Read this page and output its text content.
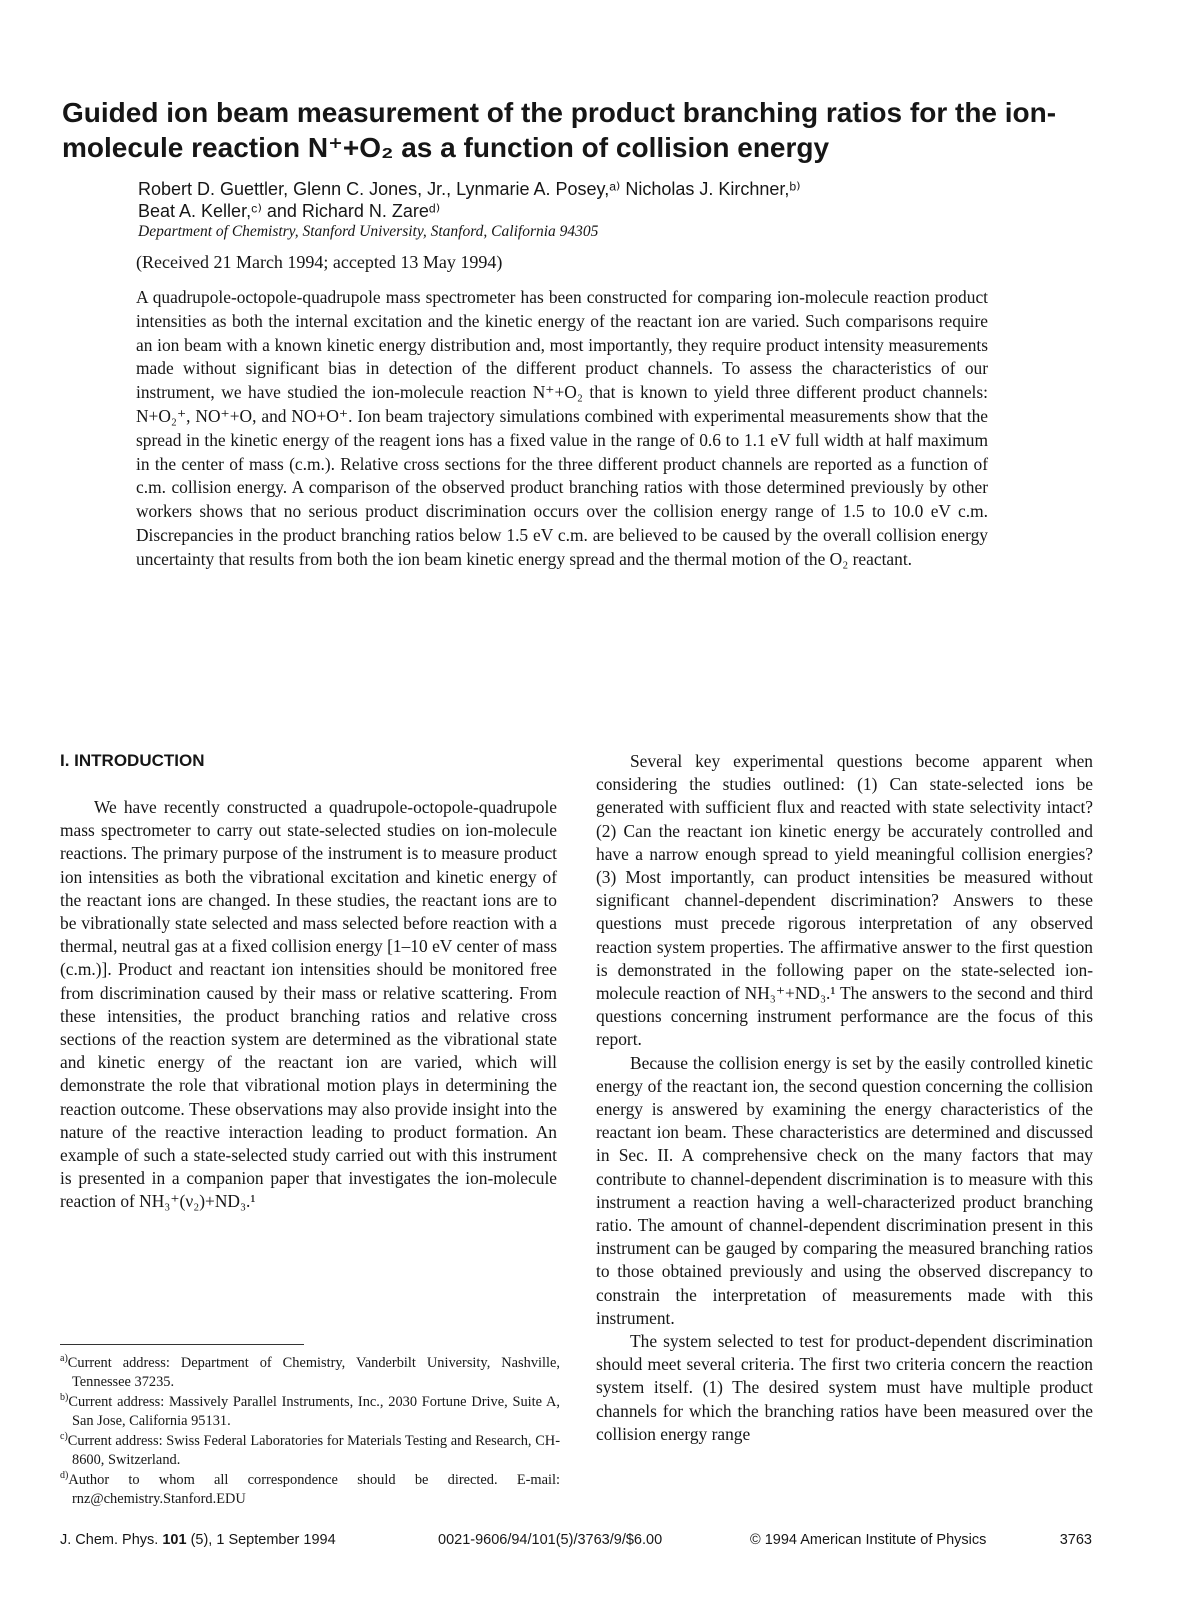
Guided ion beam measurement of the product branching ratios for the ion-molecule reaction N⁺+O₂ as a function of collision energy
Robert D. Guettler, Glenn C. Jones, Jr., Lynmarie A. Posey,ᵃ⁾ Nicholas J. Kirchner,ᵇ⁾
Beat A. Keller,ᶜ⁾ and Richard N. Zareᵈ⁾
Department of Chemistry, Stanford University, Stanford, California 94305
(Received 21 March 1994; accepted 13 May 1994)

A quadrupole-octopole-quadrupole mass spectrometer has been constructed for comparing ion-molecule reaction product intensities as both the internal excitation and the kinetic energy of the reactant ion are varied. Such comparisons require an ion beam with a known kinetic energy distribution and, most importantly, they require product intensity measurements made without significant bias in detection of the different product channels. To assess the characteristics of our instrument, we have studied the ion-molecule reaction N⁺+O₂ that is known to yield three different product channels: N+O₂⁺, NO⁺+O, and NO+O⁺. Ion beam trajectory simulations combined with experimental measurements show that the spread in the kinetic energy of the reagent ions has a fixed value in the range of 0.6 to 1.1 eV full width at half maximum in the center of mass (c.m.). Relative cross sections for the three different product channels are reported as a function of c.m. collision energy. A comparison of the observed product branching ratios with those determined previously by other workers shows that no serious product discrimination occurs over the collision energy range of 1.5 to 10.0 eV c.m. Discrepancies in the product branching ratios below 1.5 eV c.m. are believed to be caused by the overall collision energy uncertainty that results from both the ion beam kinetic energy spread and the thermal motion of the O₂ reactant.

I. INTRODUCTION

We have recently constructed a quadrupole-octopole-quadrupole mass spectrometer to carry out state-selected studies on ion-molecule reactions. The primary purpose of the instrument is to measure product ion intensities as both the vibrational excitation and kinetic energy of the reactant ions are changed. In these studies, the reactant ions are to be vibrationally state selected and mass selected before reaction with a thermal, neutral gas at a fixed collision energy [1–10 eV center of mass (c.m.)]. Product and reactant ion intensities should be monitored free from discrimination caused by their mass or relative scattering. From these intensities, the product branching ratios and relative cross sections of the reaction system are determined as the vibrational state and kinetic energy of the reactant ion are varied, which will demonstrate the role that vibrational motion plays in determining the reaction outcome. These observations may also provide insight into the nature of the reactive interaction leading to product formation. An example of such a state-selected study carried out with this instrument is presented in a companion paper that investigates the ion-molecule reaction of NH₃⁺(ν₂)+ND₃.¹

Several key experimental questions become apparent when considering the studies outlined: (1) Can state-selected ions be generated with sufficient flux and reacted with state selectivity intact? (2) Can the reactant ion kinetic energy be accurately controlled and have a narrow enough spread to yield meaningful collision energies? (3) Most importantly, can product intensities be measured without significant channel-dependent discrimination? Answers to these questions must precede rigorous interpretation of any observed reaction system properties. The affirmative answer to the first question is demonstrated in the following paper on the state-selected ion-molecule reaction of NH₃⁺+ND₃.¹ The answers to the second and third questions concerning instrument performance are the focus of this report.

Because the collision energy is set by the easily controlled kinetic energy of the reactant ion, the second question concerning the collision energy is answered by examining the energy characteristics of the reactant ion beam. These characteristics are determined and discussed in Sec. II. A comprehensive check on the many factors that may contribute to channel-dependent discrimination is to measure with this instrument a reaction having a well-characterized product branching ratio. The amount of channel-dependent discrimination present in this instrument can be gauged by comparing the measured branching ratios to those obtained previously and using the observed discrepancy to constrain the interpretation of measurements made with this instrument.

The system selected to test for product-dependent discrimination should meet several criteria. The first two criteria concern the reaction system itself. (1) The desired system must have multiple product channels for which the branching ratios have been measured over the collision energy range

$^{a)}$Current address: Department of Chemistry, Vanderbilt University, Nashville, Tennessee 37235.

$^{b)}$Current address: Massively Parallel Instruments, Inc., 2030 Fortune Drive, Suite A, San Jose, California 95131.

$^{c)}$Current address: Swiss Federal Laboratories for Materials Testing and Research, CH-8600, Switzerland.

$^{d)}$Author to whom all correspondence should be directed. E-mail: rnz@chemistry.Stanford.EDU

J. Chem. Phys. 101 (5), 1 September 1994	0021-9606/94/101(5)/3763/9/$6.00	© 1994 American Institute of Physics	3763
